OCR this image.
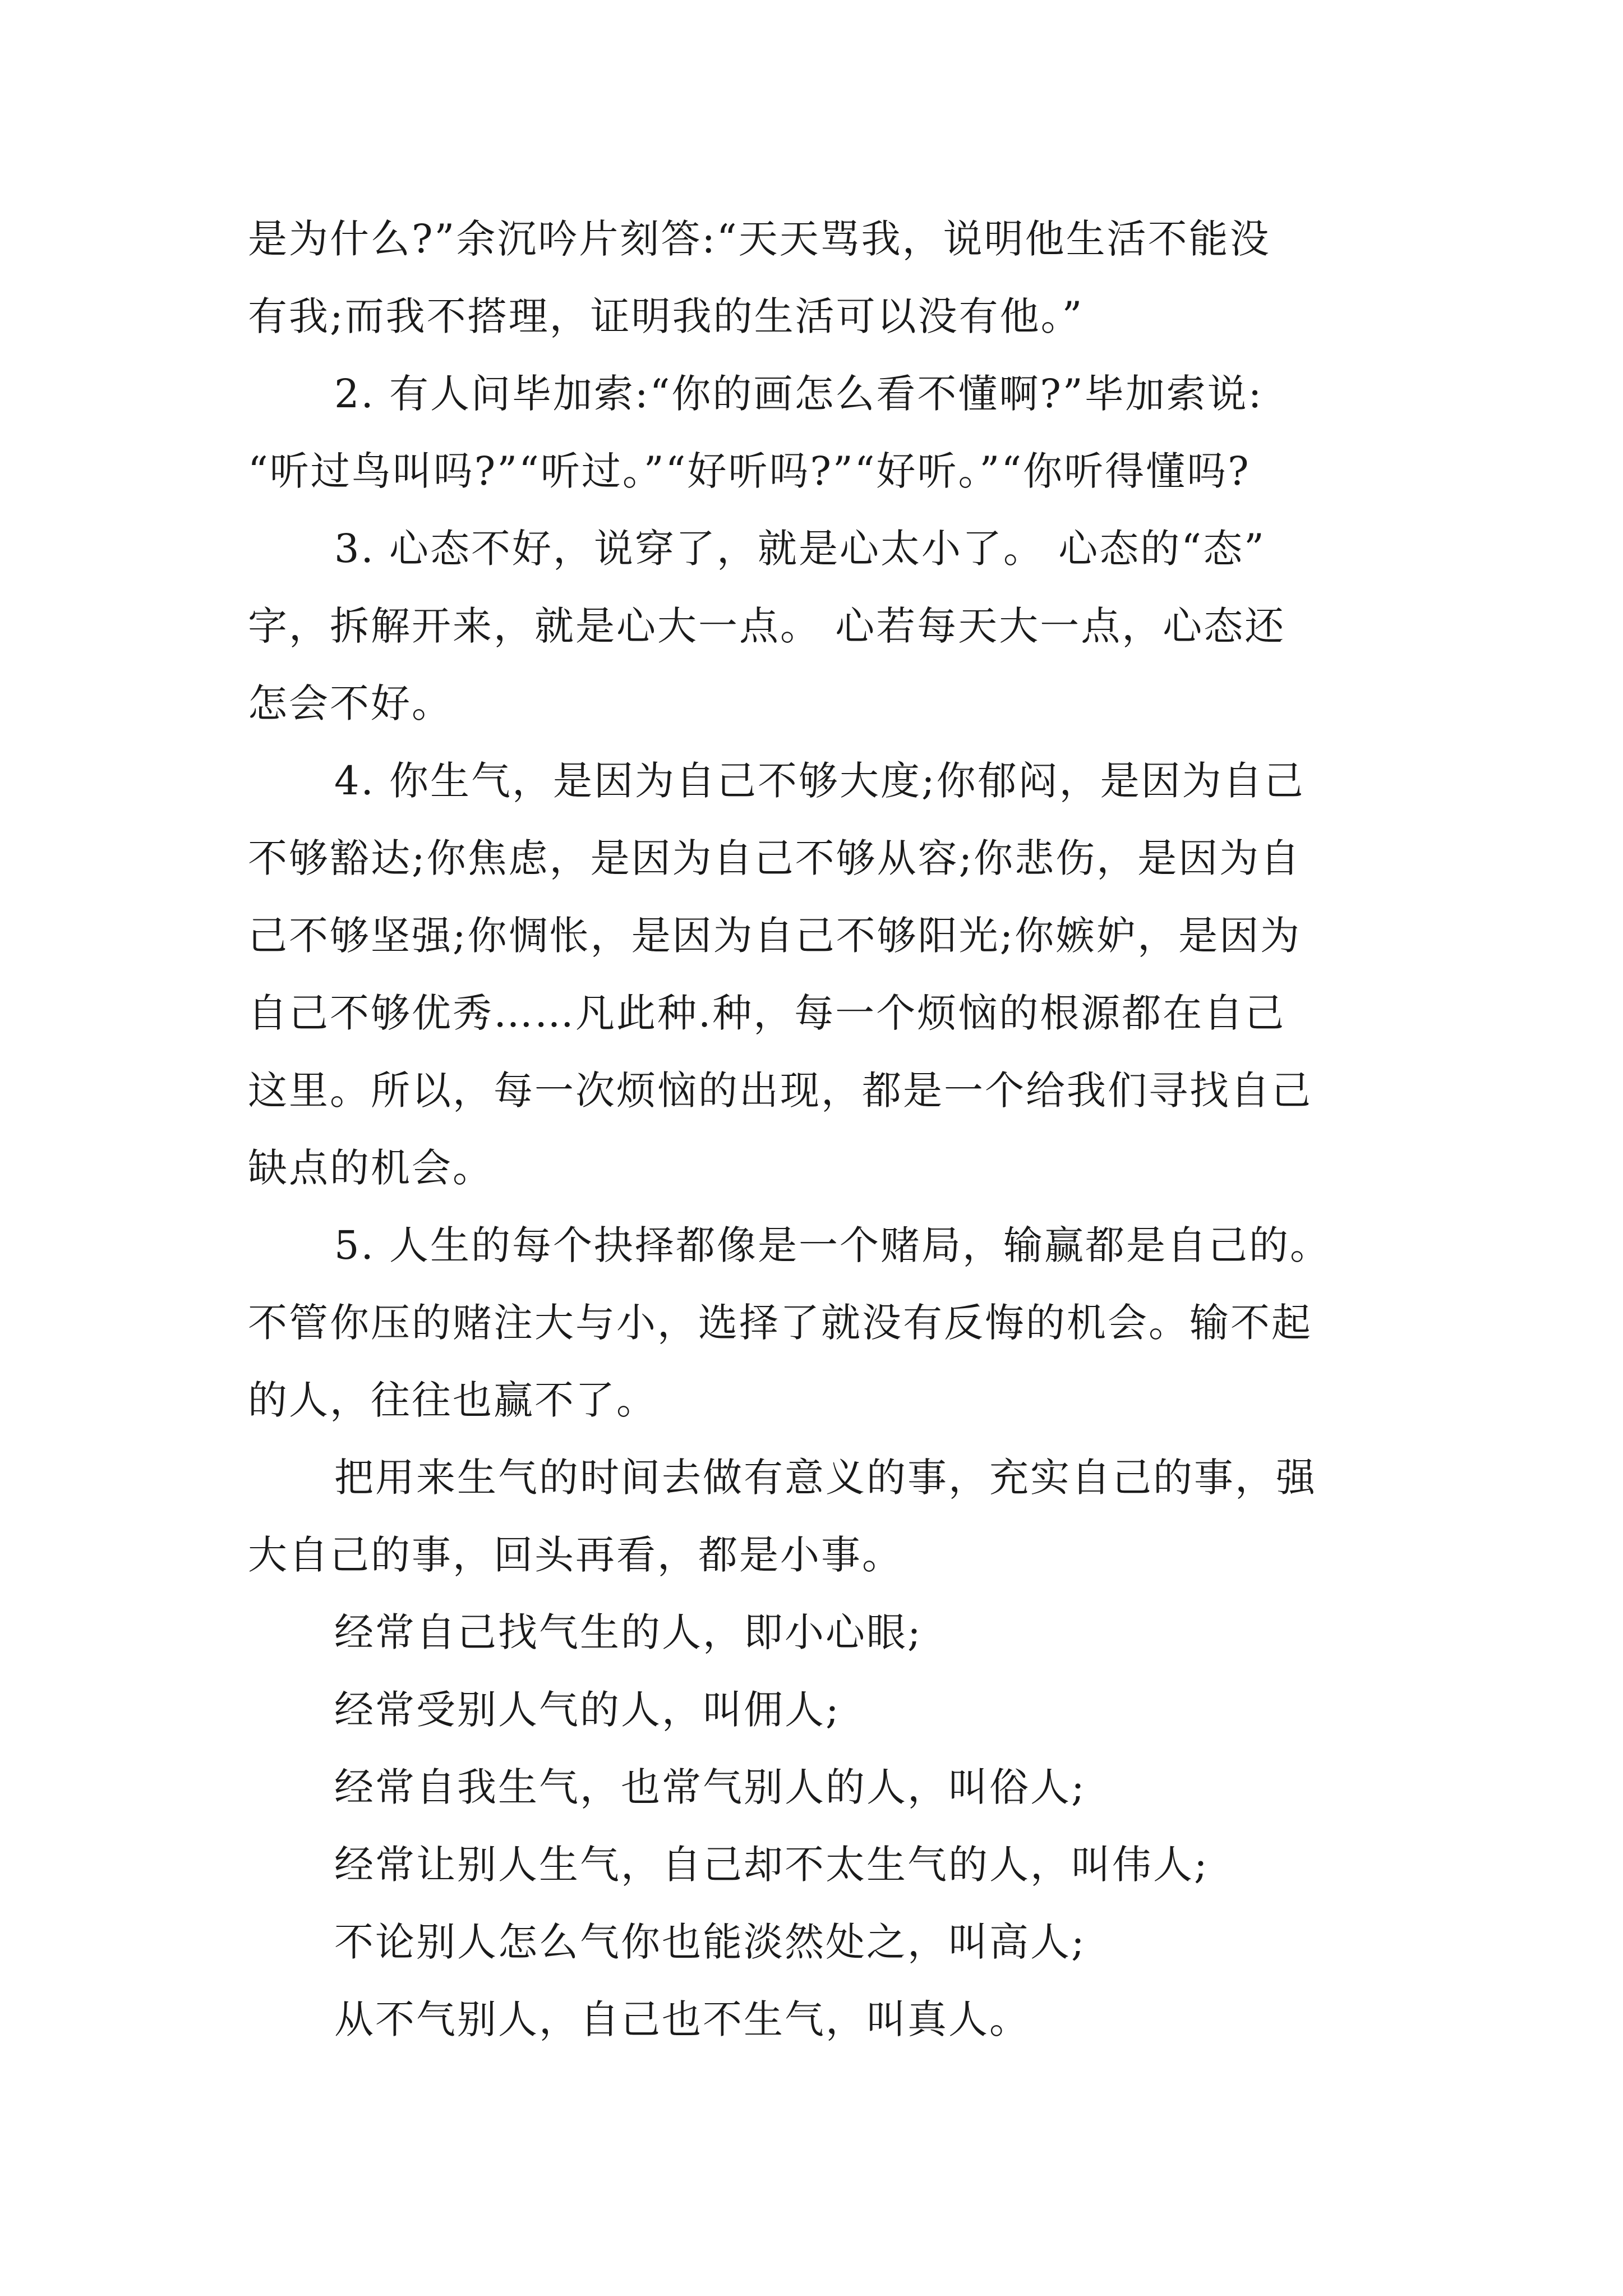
是为什么?”余沉吟片刻答:“天天骂我，说明他生活不能没

有我;而我不搭理，证明我的生活可以没有他。”

2. 有人问毕加索:“你的画怎么看不懂啊?”毕加索说:

“听过鸟叫吗?”“听过。”“好听吗?”“好听。”“你听得懂吗?

3. 心态不好，说穿了，就是心太小了。 心态的“态”

字，拆解开来，就是心大一点。 心若每天大一点，心态还

怎会不好。

4. 你生气，是因为自己不够大度;你郁闷，是因为自己

不够豁达;你焦虑，是因为自己不够从容;你悲伤，是因为自

己不够坚强;你惆怅，是因为自己不够阳光;你嫉妒，是因为

自己不够优秀……凡此种.种，每一个烦恼的根源都在自己

这里。所以，每一次烦恼的出现，都是一个给我们寻找自己

缺点的机会。

5. 人生的每个抉择都像是一个赌局，输赢都是自己的。

不管你压的赌注大与小，选择了就没有反悔的机会。输不起

的人，往往也赢不了。

把用来生气的时间去做有意义的事，充实自己的事，强

大自己的事，回头再看，都是小事。

经常自己找气生的人，即小心眼;

经常受别人气的人，叫佣人;

经常自我生气，也常气别人的人，叫俗人;

经常让别人生气，自己却不太生气的人，叫伟人;

不论别人怎么气你也能淡然处之，叫高人;

从不气别人，自己也不生气，叫真人。
